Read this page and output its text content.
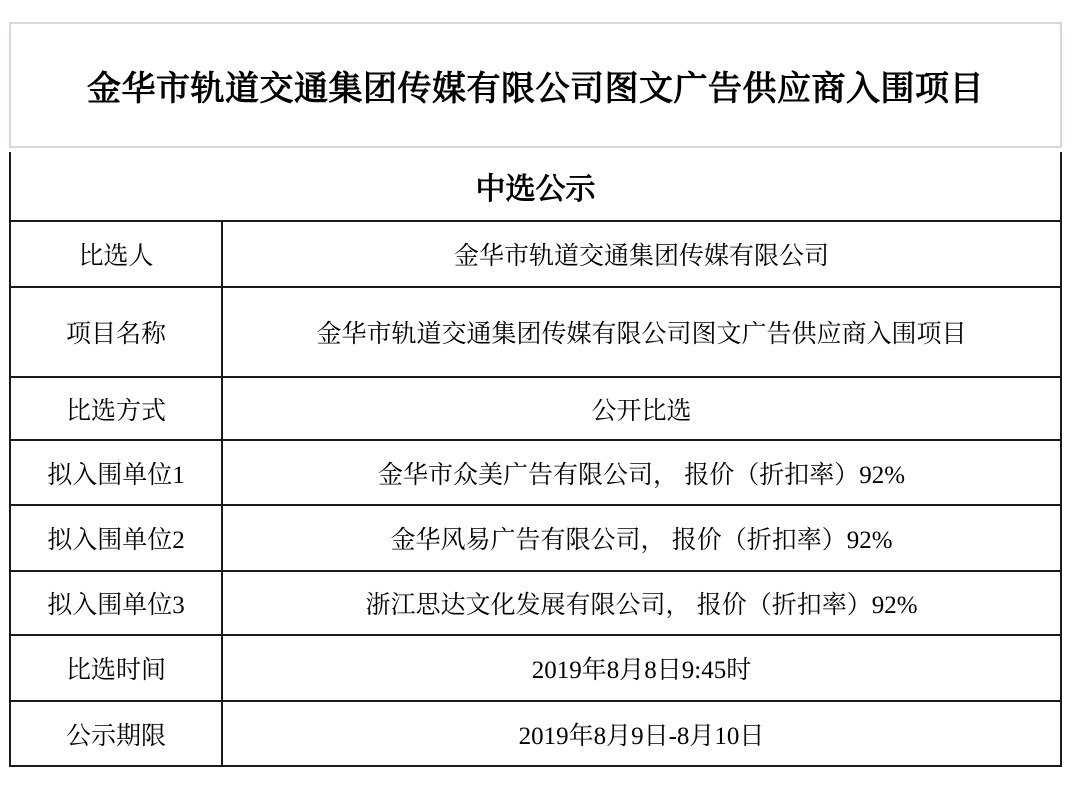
金华市轨道交通集团传媒有限公司图文广告供应商入围项目
中选公示	
比选人	金华市轨道交通集团传媒有限公司
项目名称	金华市轨道交通集团传媒有限公司图文广告供应商入围项目
比选方式	公开比选
拟入围单位1	金华市众美广告有限公司， 报价（折扣率）92%
拟入围单位2	金华风易广告有限公司， 报价（折扣率）92%
拟入围单位3	浙江思达文化发展有限公司， 报价（折扣率）92%
比选时间	2019年8月8日9:45时
公示期限	2019年8月9日-8月10日
